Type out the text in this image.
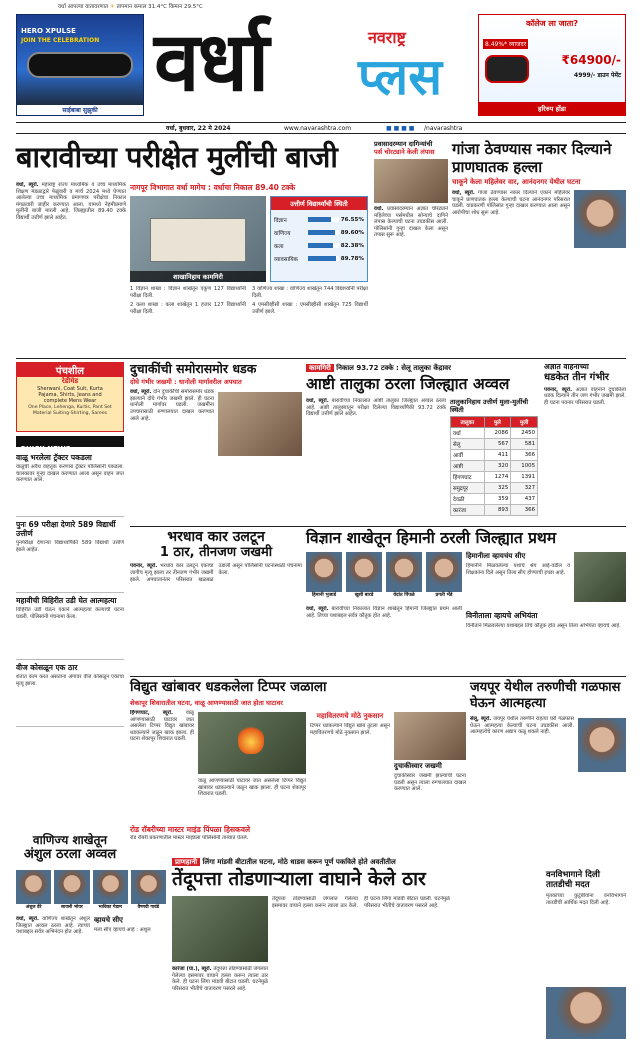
वर्धा आपल्या वातावरणात ☀ तापमान कमाल 31.4°C किमान 29.5°C
HERO XPULSE
JOIN THE CELEBRATION
साईबाबा सुझुकी
वर्धा	नवराष्ट्र
प्लस
कॉलेज ला जाता?
8.49%* व्याजदर
₹64900/-
4999/- डाउन पेमेंट
हरिरुप होंडा
वर्धा, बुधवार, 22 मे 2024	www.navarashtra.com	■ ■ ■ ■ /navarashtra
बारावीच्या परीक्षेत मुलींची बाजी
वर्धा, ब्यूरो. महाराष्ट्र राज्य माध्यमिक व उच्च माध्यमिक शिक्षण मंडळाद्वारे फेब्रुवारी व मार्च 2024 मध्ये घेण्यात आलेल्या उच्च माध्यमिक प्रमाणपत्र परीक्षेचा निकाल मंगळवारी जाहीर करण्यात आला. यामध्ये नेहमीप्रमाणे मुलींनी बाजी मारली आहे. जिल्ह्यातील 89.40 टक्के विद्यार्थी उत्तीर्ण झाले आहेत.
नागपूर विभागात वर्धा मागेच : वर्धाचा निकाल 89.40 टक्के
शाखानिहाय कामगिरी
उत्तीर्ण विद्यार्थ्यांची स्थिती
विज्ञान	76.55%
वाणिज्य	89.60%
कला	82.38%
व्यावसायिक	89.78%

1 विज्ञान शाखा : विज्ञान शाखेतून एकूण 127 विद्यार्थ्यांनी परीक्षा दिली.

2 कला शाखा : कला शाखेतून 1 हजार 127 विद्यार्थ्यांनी परीक्षा दिली.

3 वाणिज्य शाखा : वाणिज्य शाखेतून 744 विद्यार्थ्यांनी परीक्षा दिली.

4 एमसीव्हीसी शाखा : एमसीव्हीसी शाखेतून 725 विद्यार्थी उत्तीर्ण झाले.

प्रवासादरम्यान दागिन्यांची
पर्स चोरट्याने केली लंपास
वर्धा. प्रवासादरम्यान अज्ञात चोरट्याने महिलेच्या पर्समधील सोन्याचे दागिने लंपास केल्याची घटना उघडकीस आली. पोलिसांनी गुन्हा दाखल केला असून तपास सुरू आहे.
गांजा ठेवण्यास नकार दिल्याने प्राणघातक हल्ला
चाकूने केला महिलेवर वार, आनंदनगर येथील घटना
वर्धा, ब्यूरो. गांजा ठेवण्यास नकार दिल्याने एकाने महिलेवर चाकूने प्राणघातक हल्ला केल्याची घटना आनंदनगर परिसरात घडली. याप्रकरणी पोलिसांत गुन्हा दाखल करण्यात आला असून आरोपीचा शोध सुरू आहे.
पंचशील
रेडीमेड
Sherwani, Coat Suit, Kurta
Pajama, Shirts, Jeans and
complete Mens Wear
One Place, Lehenga, Kurtis, Pant Set Material Suiting-Shirting, Sarees
QUICK NEWS
वाळू भरलेला ट्रॅक्टर पकडला
वाळूची अवैध वाहतूक करणारा ट्रॅक्टर पोलिसांनी पकडला. चालकावर गुन्हा दाखल करण्यात आला असून वाहन जप्त करण्यात आले.
पुनः 69 परीक्षा देणारे 589 विद्यार्थी उत्तीर्ण
पुनर्परीक्षा देणाऱ्या विद्यार्थ्यांपैकी 589 विद्यार्थी उत्तीर्ण झाले आहेत.
महावीची विहिरीत उडी घेत आत्महत्या
विहिरीत उडी घेऊन एकाने आत्महत्या केल्याची घटना घडली. पोलिसांनी पंचनामा केला.
वीज कोसळून एक ठार
शेतात काम करत असताना अंगावर वीज कोसळून एकाचा मृत्यू झाला.
दुचाकींची समोरासमोर धडक
दोघे गंभीर जखमी : धानोली मार्गावरील अपघात
वर्धा, ब्यूरो. दोन दुचाकींची समोरासमोर धडक झाल्याने दोघे गंभीर जखमी झाले. ही घटना धानोली मार्गावर घडली. जखमींना उपचारासाठी रुग्णालयात दाखल करण्यात आले आहे.
कामगिरी निकाल 93.72 टक्के : सेलू तालुका केंद्रावर
आष्टी तालुका ठरला जिल्ह्यात अव्वल
वर्धा, ब्यूरो. बारावीच्या निकालात आष्टी तालुका जिल्ह्यात अव्वल ठरला आहे. आष्टी तालुक्यातून परीक्षा दिलेल्या विद्यार्थ्यांपैकी 93.72 टक्के विद्यार्थी उत्तीर्ण झाले आहेत.
तालुकानिहाय उत्तीर्ण मुला-मुलींची स्थिती
तालुका	मुले	मुली
वर्धा	2086	2450
सेलू	567	581
आर्वी	411	366
आष्टी	320	1005
हिंगणघाट	1274	1391
समुद्रपूर	325	327
देवळी	359	437
कारंजा	893	366
अज्ञात वाहनाच्या
धडकेत तीन गंभीर
पवनार, ब्यूरो. अज्ञात वाहनाने दुचाकीला धडक दिल्याने तीन जण गंभीर जखमी झाले. ही घटना पवनार परिसरात घडली.
भरधाव कार उलटून
1 ठार, तीनजण जखमी
पवनार, ब्यूरो. भरधाव कार उलटून एकाचा जागीच मृत्यू झाला तर तीनजण गंभीर जखमी झाले. अपघातानंतर परिसरात खळबळ उडाली असून पोलिसांनी घटनास्थळी पंचनामा केला.
विज्ञान शाखेतून हिमानी ठरली जिल्ह्यात प्रथम
हिमानी भुजाडे	खुशी बारडे	वेदांत पिंपळे	प्रगती भेंडे
वर्धा, ब्यूरो. बारावीच्या निकालात विज्ञान शाखेतून हिमानी जिल्ह्यात प्रथम आली आहे. तिच्या यशाबद्दल सर्वत्र कौतुक होत आहे.
हिमानीला व्हायचंय सीए
हिमानीने मिळवलेल्या यशाचे श्रेय आई-वडील व शिक्षकांना दिले असून तिला सीए होण्याची इच्छा आहे.
विनीताला व्हायचे अभियंता
विनीताने मिळवलेल्या यशाबद्दल तिचे कौतुक होत असून तिला अभियंता व्हायचे आहे.
विद्युत खांबावर धडकलेला टिप्पर जळाला
शेकापूर शिवारातील घटना, वाळू आणण्यासाठी जात होता घाटावर
हिंगणघाट, ब्यूरो. वाळू आणण्यासाठी घाटावर जात असलेला टिप्पर विद्युत खांबावर धडकल्याने जळून खाक झाला. ही घटना शेकापूर शिवारात घडली.
महावितरणचे मोठे नुकसान
टिप्पर धडकल्याने विद्युत खांब तुटला असून महावितरणचे मोठे नुकसान झाले.
वाळू आणण्यासाठी घाटावर जात असलेला टिप्पर विद्युत खांबावर धडकल्याने जळून खाक झाला. ही घटना शेकापूर शिवारात घडली.
दुचाकीस्वार जखमी
दुचाकीस्वार जखमी झाल्याची घटना घडली असून त्याला रुग्णालयात दाखल करण्यात आले.
जयपूर येथील तरुणीची गळफास घेऊन आत्महत्या
सेलू, ब्यूरो. जयपूर येथील तरुणीने राहत्या घरी गळफास घेऊन आत्महत्या केल्याची घटना उघडकीस आली. आत्महत्येचे कारण अद्याप कळू शकले नाही.
रोड रॉबरीच्या मास्टर माइंड पिंपळा हिसकवले
रोड रॉबरी प्रकरणातील मास्टर माइंडला पोलिसांनी ताब्यात घेतले.
वाणिज्य शाखेतून
अंशुल ठरला अव्वल
अंशुल डेरे	सायली भोयर	भाविका गेडाम	वैष्णवी गावंडे
वर्धा, ब्यूरो. वाणिज्य शाखेतून अंशुल जिल्ह्यात अव्वल ठरला आहे. त्याच्या यशाबद्दल सर्वत्र अभिनंदन होत आहे.
व्हायचे सीए
मला सीए व्हायचे आहे : अंशुल
प्राणहानी लिंगा मांडवी बीटातील घटना, मोठे धाडस करून पूर्ण पकविले होते अवतीतील
तेंदूपत्ता तोडणाऱ्याला वाघाने केले ठार
कारंजा (घा.), ब्यूरो. तेंदूपत्ता तोडण्यासाठी जंगलात गेलेल्या इसमावर वाघाने हल्ला करून त्याला ठार केले. ही घटना लिंगा मांडवी बीटात घडली. घटनेमुळे परिसरात भीतीचे वातावरण पसरले आहे.
तेंदूपत्ता तोडण्यासाठी जंगलात गेलेल्या इसमावर वाघाने हल्ला करून त्याला ठार केले. ही घटना लिंगा मांडवी बीटात घडली. घटनेमुळे परिसरात भीतीचे वातावरण पसरले आहे.
वनविभागाने दिली तातडीची मदत
मृतकाच्या कुटुंबीयांना वनविभागाने तातडीची आर्थिक मदत दिली आहे.
